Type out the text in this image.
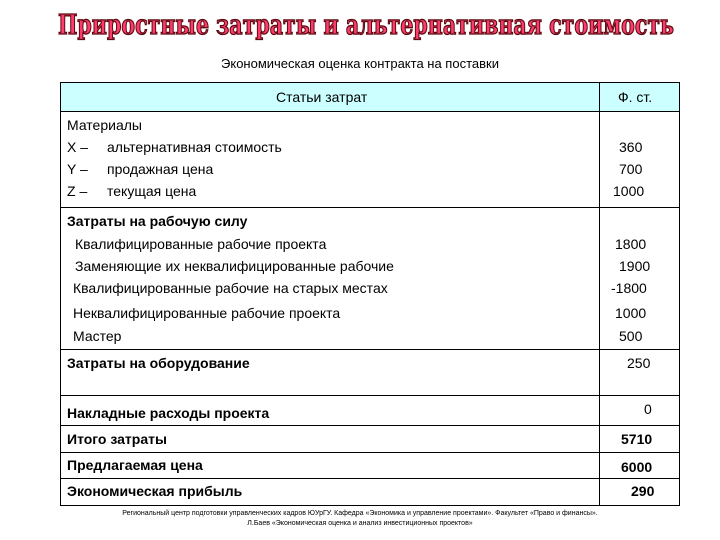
Приростные затраты и альтернативная стоимость
Экономическая оценка контракта на поставки
Статьи затрат	Ф. ст.
Материалы
X – альтернативная стоимость	360
Y – продажная цена	700
Z – текущая цена	1000
Затраты на рабочую силу
Квалифицированные рабочие проекта	1800
Заменяющие их неквалифицированные рабочие	1900
Квалифицированные рабочие на старых местах	-1800
Неквалифицированные рабочие проекта	1000
Мастер	500
Затраты на оборудование	250
Накладные расходы проекта	0
Итого затраты	5710
Предлагаемая цена	6000
Экономическая прибыль	290
Региональный центр подготовки управленческих кадров ЮУрГУ. Кафедра «Экономика и управление проектами». Факультет «Право и финансы».
Л.Баев «Экономическая оценка и анализ инвестиционных проектов»
